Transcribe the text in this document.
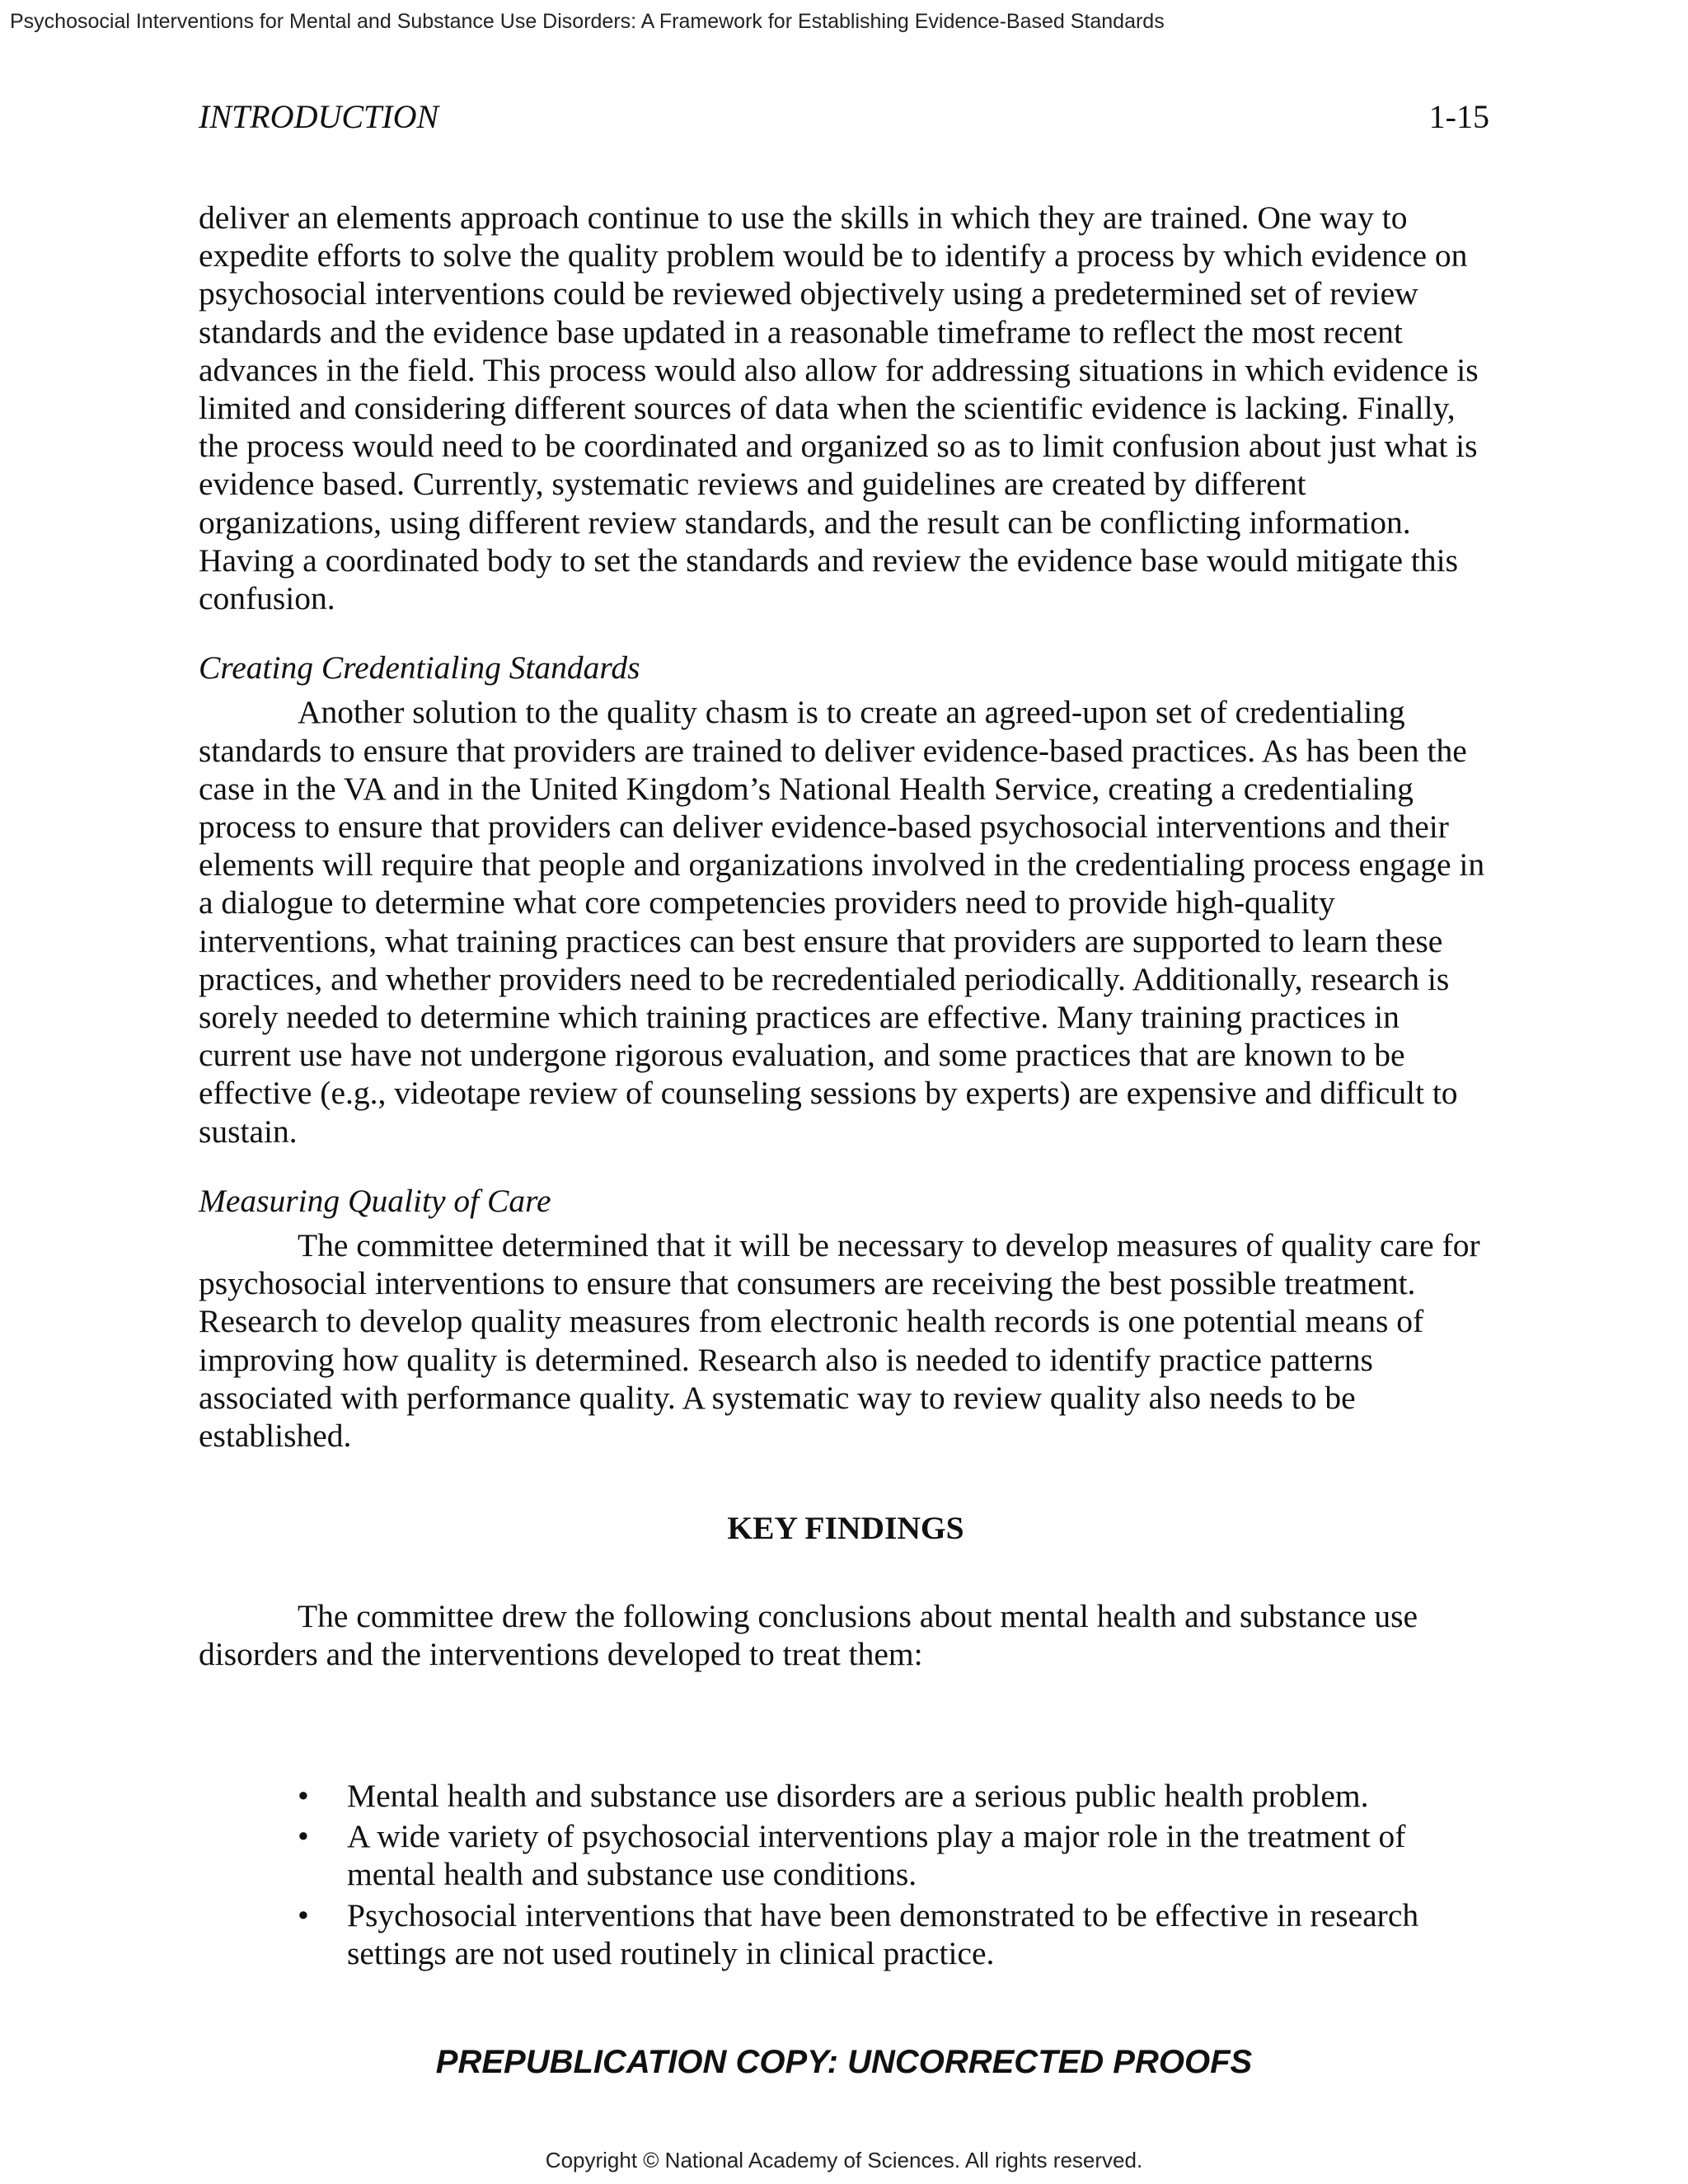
Psychosocial Interventions for Mental and Substance Use Disorders: A Framework for Establishing Evidence-Based Standards
INTRODUCTION	1-15

deliver an elements approach continue to use the skills in which they are trained. One way to expedite efforts to solve the quality problem would be to identify a process by which evidence on psychosocial interventions could be reviewed objectively using a predetermined set of review standards and the evidence base updated in a reasonable timeframe to reflect the most recent advances in the field. This process would also allow for addressing situations in which evidence is limited and considering different sources of data when the scientific evidence is lacking. Finally, the process would need to be coordinated and organized so as to limit confusion about just what is evidence based. Currently, systematic reviews and guidelines are created by different organizations, using different review standards, and the result can be conflicting information. Having a coordinated body to set the standards and review the evidence base would mitigate this confusion.

Creating Credentialing Standards

Another solution to the quality chasm is to create an agreed-upon set of credentialing standards to ensure that providers are trained to deliver evidence-based practices. As has been the case in the VA and in the United Kingdom’s National Health Service, creating a credentialing process to ensure that providers can deliver evidence-based psychosocial interventions and their elements will require that people and organizations involved in the credentialing process engage in a dialogue to determine what core competencies providers need to provide high-quality interventions, what training practices can best ensure that providers are supported to learn these practices, and whether providers need to be recredentialed periodically. Additionally, research is sorely needed to determine which training practices are effective. Many training practices in current use have not undergone rigorous evaluation, and some practices that are known to be effective (e.g., videotape review of counseling sessions by experts) are expensive and difficult to sustain.

Measuring Quality of Care

The committee determined that it will be necessary to develop measures of quality care for psychosocial interventions to ensure that consumers are receiving the best possible treatment. Research to develop quality measures from electronic health records is one potential means of improving how quality is determined. Research also is needed to identify practice patterns associated with performance quality. A systematic way to review quality also needs to be established.

KEY FINDINGS

The committee drew the following conclusions about mental health and substance use disorders and the interventions developed to treat them:

• Mental health and substance use disorders are a serious public health problem.
• A wide variety of psychosocial interventions play a major role in the treatment of mental health and substance use conditions.
• Psychosocial interventions that have been demonstrated to be effective in research settings are not used routinely in clinical practice.
PREPUBLICATION COPY: UNCORRECTED PROOFS
Copyright © National Academy of Sciences. All rights reserved.
